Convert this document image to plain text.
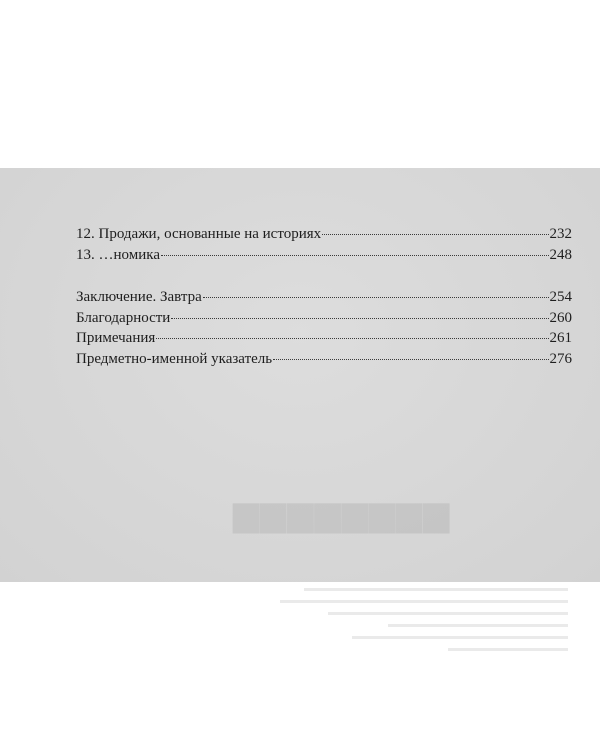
▆▆▆▆▆▆▆▆
12. Продажи, основанные на историях	232
13. …номика	248
Заключение. Завтра	254
Благодарности	260
Примечания	261
Предметно-именной указатель	276
